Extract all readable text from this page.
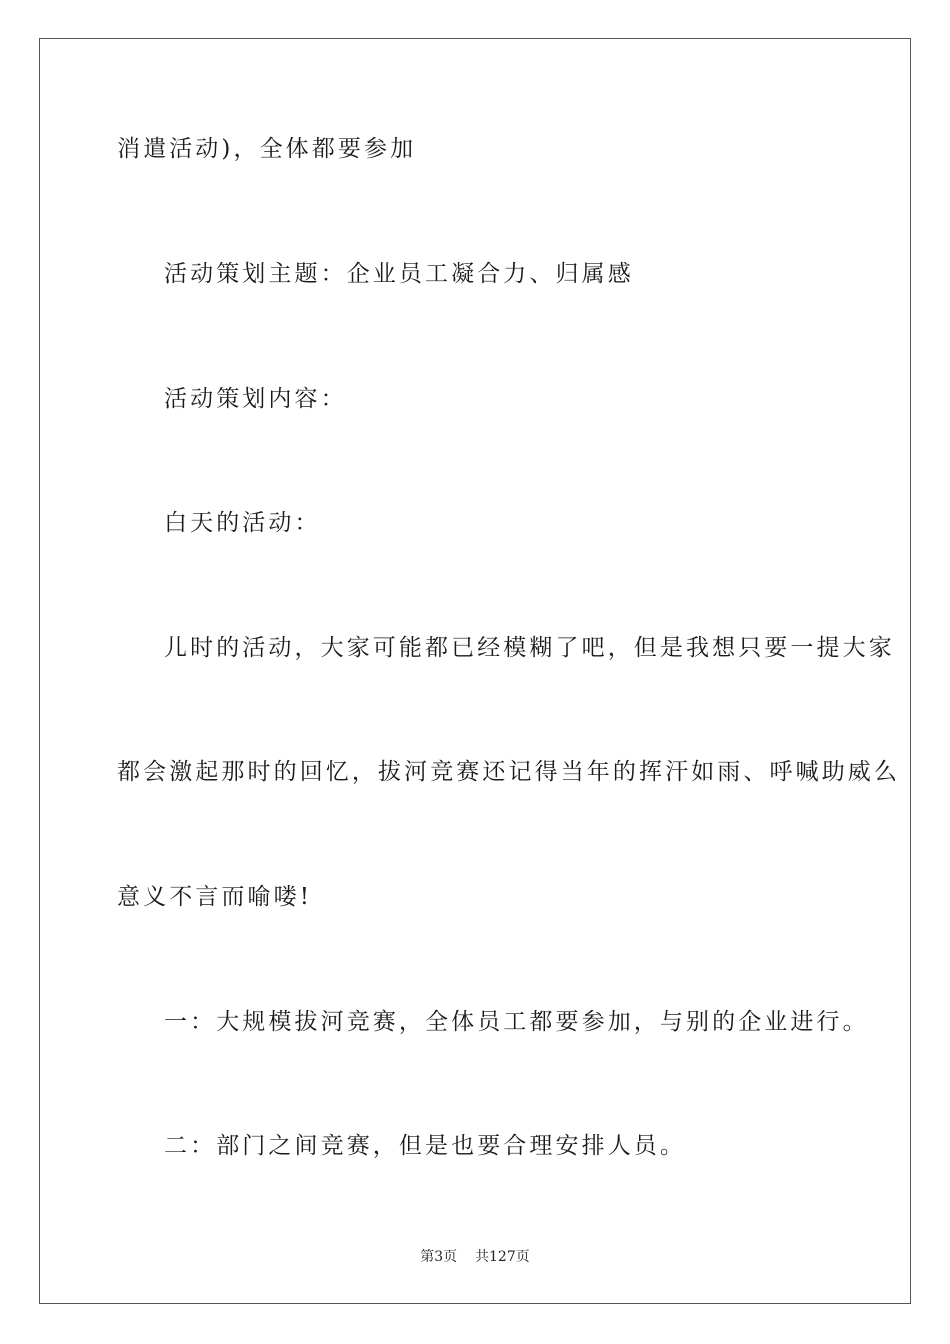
消遣活动)，全体都要参加

活动策划主题：企业员工凝合力、归属感

活动策划内容：

白天的活动：

儿时的活动，大家可能都已经模糊了吧，但是我想只要一提大家

都会激起那时的回忆，拔河竞赛还记得当年的挥汗如雨、呼喊助威么

意义不言而喻喽!

一：大规模拔河竞赛，全体员工都要参加，与别的企业进行。

二：部门之间竞赛，但是也要合理安排人员。

第3页 共127页
